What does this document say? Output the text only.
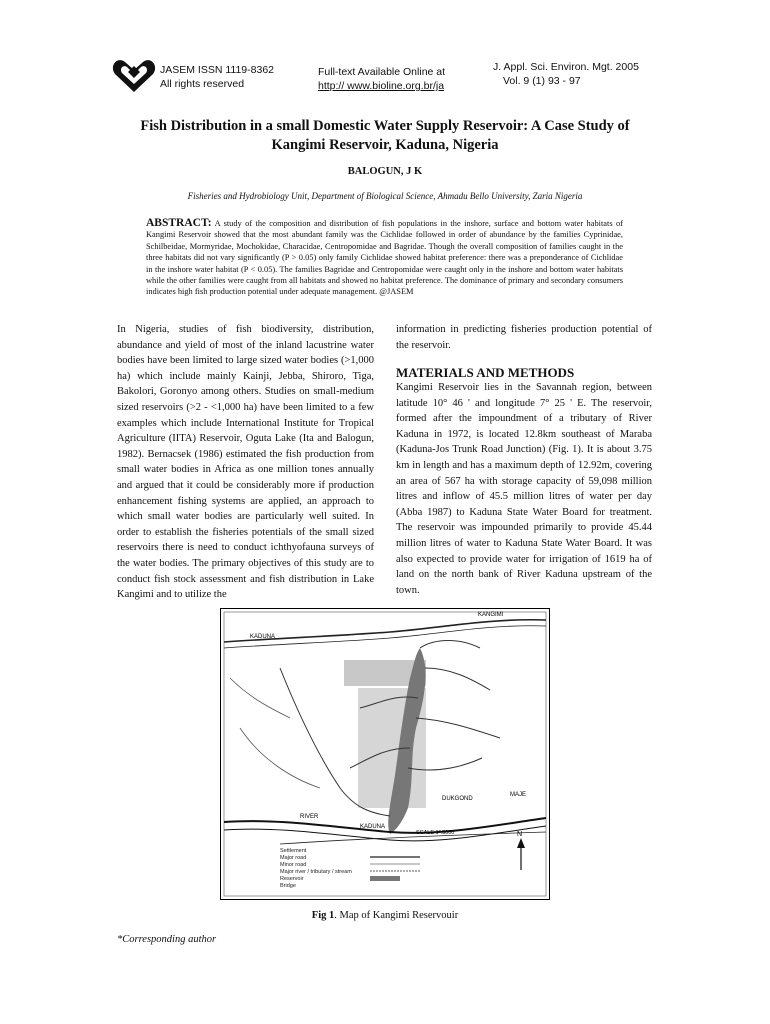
JASEM ISSN 1119-8362
All rights reserved
Full-text Available Online at
http:// www.bioline.org.br/ja
J. Appl. Sci. Environ. Mgt. 2005
Vol. 9 (1) 93 - 97
Fish Distribution in a small Domestic Water Supply Reservoir: A Case Study of
Kangimi Reservoir, Kaduna, Nigeria
BALOGUN, J K
Fisheries and Hydrobiology Unit, Department of Biological Science, Ahmadu Bello University, Zaria Nigeria
ABSTRACT: A study of the composition and distribution of fish populations in the inshore, surface and bottom water habitats of Kangimi Reservoir showed that the most abundant family was the Cichlidae followed in order of abundance by the families Cyprinidae, Schilbeidae, Mormyridae, Mochokidae, Characidae, Centropomidae and Bagridae. Though the overall composition of families caught in the three habitats did not vary significantly (P > 0.05) only family Cichlidae showed habitat preference: there was a preponderance of Cichlidae in the inshore water habitat (P < 0.05). The families Bagridae and Centropomidae were caught only in the inshore and bottom water habitats while the other families were caught from all habitats and showed no habitat preference. The dominance of primary and secondary consumers indicates high fish production potential under adequate management. @JASEM
In Nigeria, studies of fish biodiversity, distribution, abundance and yield of most of the inland lacustrine water bodies have been limited to large sized water bodies (>1,000 ha) which include mainly Kainji, Jebba, Shiroro, Tiga, Bakolori, Goronyo among others. Studies on small-medium sized reservoirs (>2 - <1,000 ha) have been limited to a few examples which include International Institute for Tropical Agriculture (IITA) Reservoir, Oguta Lake (Ita and Balogun, 1982). Bernacsek (1986) estimated the fish production from small water bodies in Africa as one million tones annually and argued that it could be considerably more if production enhancement fishing systems are applied, an approach to which small water bodies are particularly well suited. In order to establish the fisheries potentials of the small sized reservoirs there is need to conduct ichthyofauna surveys of the water bodies. The primary objectives of this study are to conduct fish stock assessment and fish distribution in Lake Kangimi and to utilize the
information in predicting fisheries production potential of the reservoir.
MATERIALS AND METHODS
Kangimi Reservoir lies in the Savannah region, between latitude 10° 46 ' and longitude 7° 25 ' E. The reservoir, formed after the impoundment of a tributary of River Kaduna in 1972, is located 12.8km southeast of Maraba (Kaduna-Jos Trunk Road Junction) (Fig. 1). It is about 3.75 km in length and has a maximum depth of 12.92m, covering an area of 567 ha with storage capacity of 59,098 million litres and inflow of 45.5 million litres of water per day (Abba 1987) to Kaduna State Water Board for treatment. The reservoir was impounded primarily to provide 45.44 million litres of water to Kaduna State Water Board. It was also expected to provide water for irrigation of 1619 ha of land on the north bank of River Kaduna upstream of the town.
KANGIMI
KADUNA
RIVER
KADUNA
DUKGOND
MAJE
SCALE 1":5000
Settlement
Major road
Minor road
Major river / tributary / stream
Reservoir
Bridge
N
Fig 1. Map of Kangimi Reservouir
*Corresponding author
